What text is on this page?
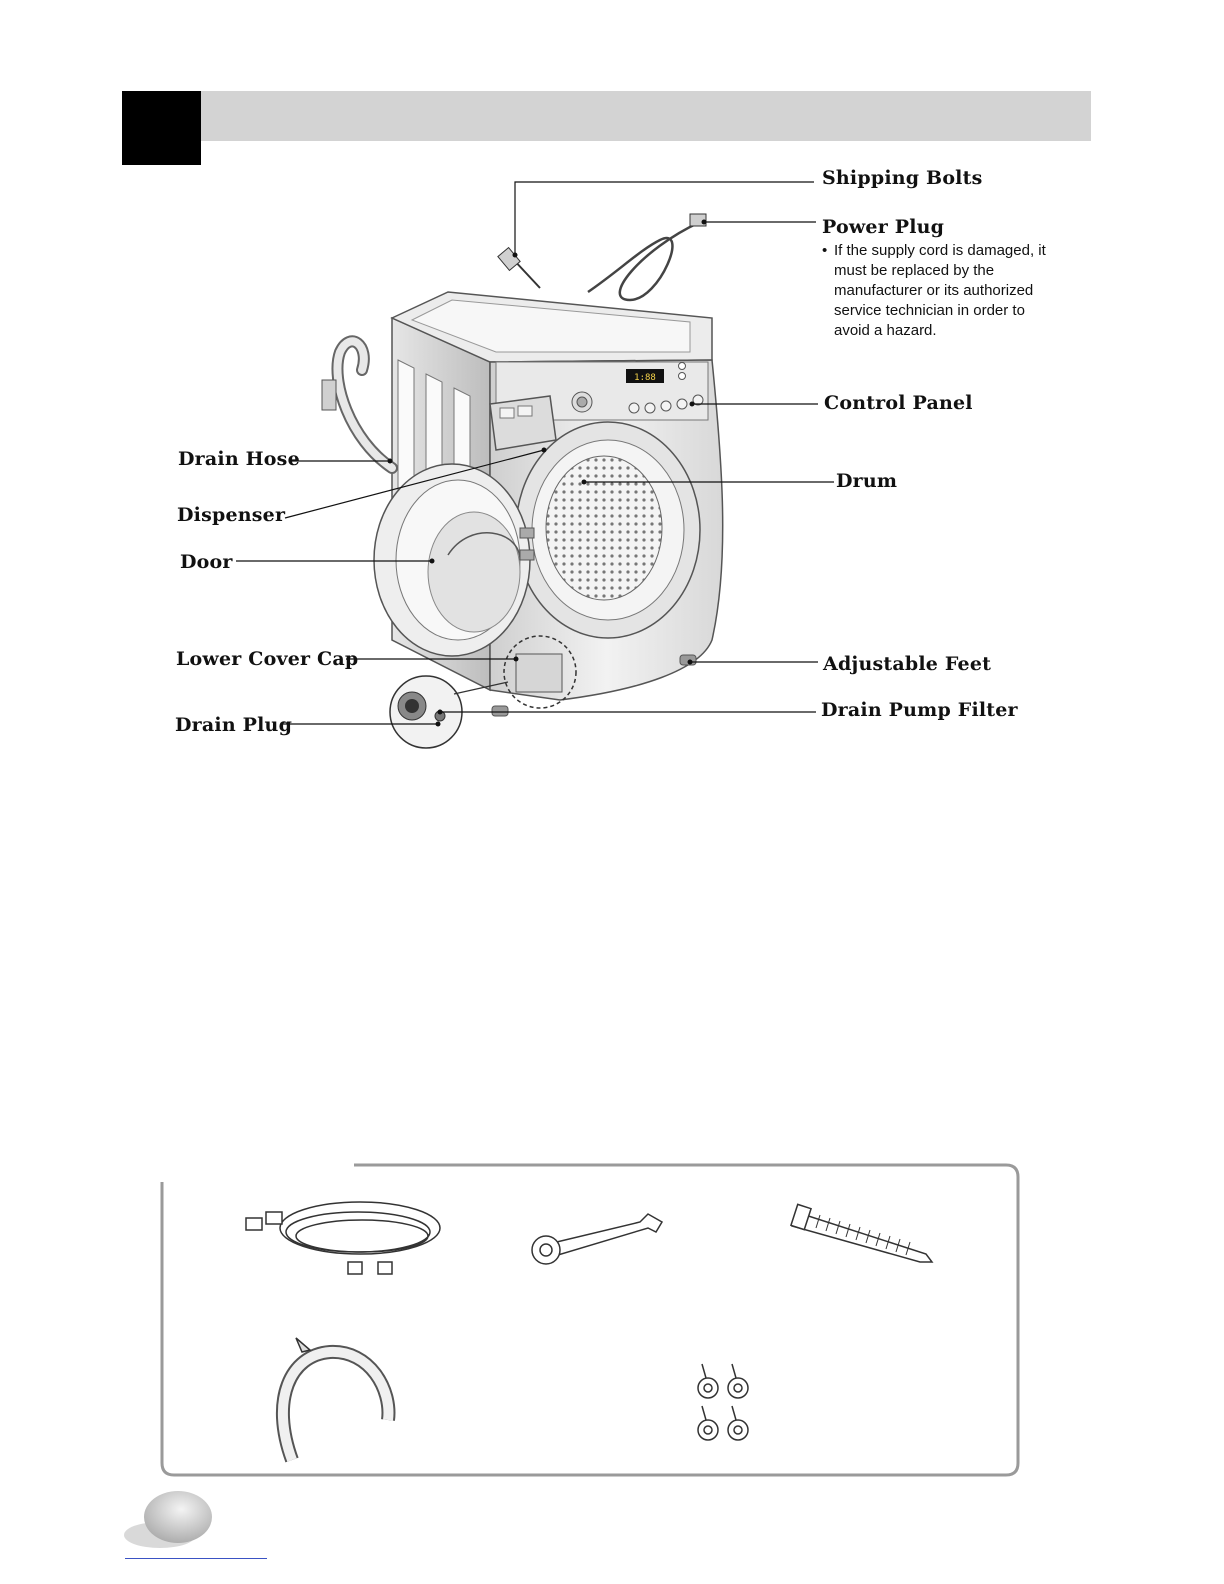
1:88
Shipping Bolts
Power Plug
• If the supply cord is damaged, it must be replaced by the manufacturer or its authorized service technician in order to avoid a hazard.
Control Panel
Drain Hose
Drum
Dispenser
Door
Lower Cover Cap	Adjustable Feet
Drain Pump Filter
Drain Plug
